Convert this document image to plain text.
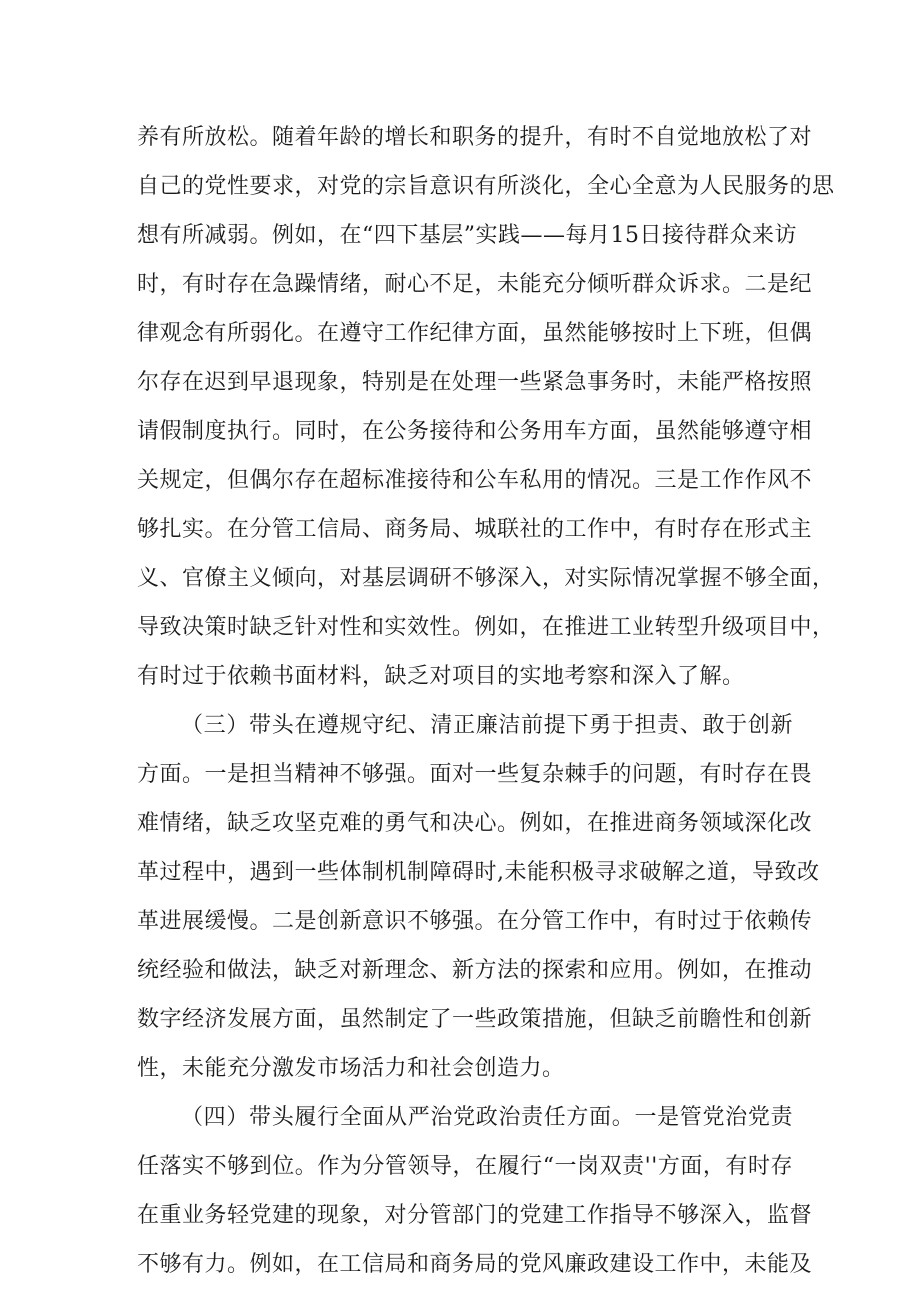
养有所放松。随着年龄的增长和职务的提升，有时不自觉地放松了对
自己的党性要求，对党的宗旨意识有所淡化，全心全意为人民服务的思
想有所减弱。例如，在“四下基层”实践——每月15日接待群众来访
时，有时存在急躁情绪，耐心不足，未能充分倾听群众诉求。二是纪
律观念有所弱化。在遵守工作纪律方面，虽然能够按时上下班，但偶
尔存在迟到早退现象，特别是在处理一些紧急事务时，未能严格按照
请假制度执行。同时，在公务接待和公务用车方面，虽然能够遵守相
关规定，但偶尔存在超标准接待和公车私用的情况。三是工作作风不
够扎实。在分管工信局、商务局、城联社的工作中，有时存在形式主
义、官僚主义倾向，对基层调研不够深入，对实际情况掌握不够全面，
导致决策时缺乏针对性和实效性。例如，在推进工业转型升级项目中，
有时过于依赖书面材料，缺乏对项目的实地考察和深入了解。
（三）带头在遵规守纪、清正廉洁前提下勇于担责、敢于创新
方面。一是担当精神不够强。面对一些复杂棘手的问题，有时存在畏
难情绪，缺乏攻坚克难的勇气和决心。例如，在推进商务领域深化改
革过程中，遇到一些体制机制障碍时,未能积极寻求破解之道，导致改
革进展缓慢。二是创新意识不够强。在分管工作中，有时过于依赖传
统经验和做法，缺乏对新理念、新方法的探索和应用。例如，在推动
数字经济发展方面，虽然制定了一些政策措施，但缺乏前瞻性和创新
性，未能充分激发市场活力和社会创造力。
（四）带头履行全面从严治党政治责任方面。一是管党治党责
任落实不够到位。作为分管领导，在履行“一岗双责''方面，有时存
在重业务轻党建的现象，对分管部门的党建工作指导不够深入，监督
不够有力。例如，在工信局和商务局的党风廉政建设工作中，未能及
